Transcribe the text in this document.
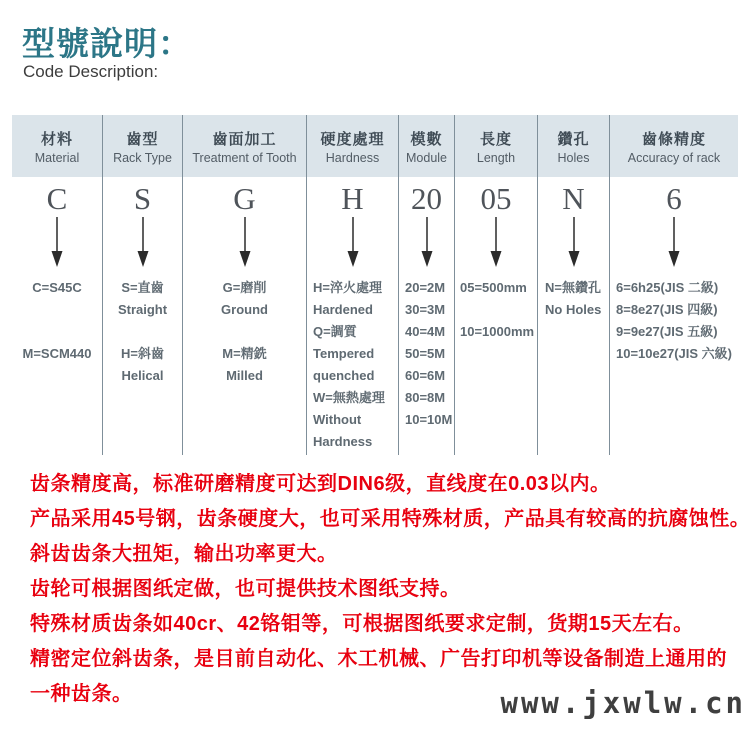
型號說明：
Code Description:
材料
Material
C
C=S45C
M=SCM440
齒型
Rack Type
S
S=直齒
Straight
H=斜齒
Helical
齒面加工
Treatment of Tooth
G
G=磨削
Ground
M=精銑
Milled
硬度處理
Hardness
H
H=淬火處理
Hardened
Q=調質
Tempered
quenched
W=無熱處理
Without
Hardness
模數
Module
20
20=2M
30=3M
40=4M
50=5M
60=6M
80=8M
10=10M
長度
Length
05
05=500mm
10=1000mm
鑽孔
Holes
N
N=無鑽孔
No Holes
齒條精度
Accuracy of rack
6
6=6h25(JIS 二級)
8=8e27(JIS 四級)
9=9e27(JIS 五級)
10=10e27(JIS 六級)

齿条精度高，标准研磨精度可达到DIN6级，直线度在0.03以内。

产品采用45号钢，齿条硬度大，也可采用特殊材质，产品具有较高的抗腐蚀性。

斜齿齿条大扭矩，输出功率更大。

齿轮可根据图纸定做，也可提供技术图纸支持。

特殊材质齿条如40cr、42铬钼等，可根据图纸要求定制，货期15天左右。

精密定位斜齿条，是目前自动化、木工机械、广告打印机等设备制造上通用的

一种齿条。	www.jxwlw.cn
